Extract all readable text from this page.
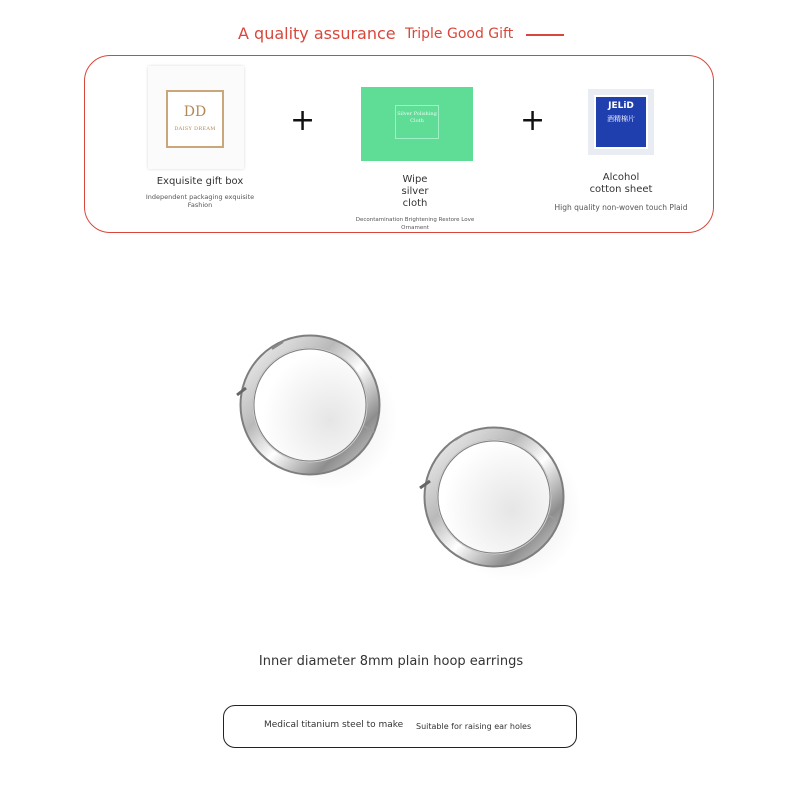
A quality assurance Triple Good Gift
DD
DAISY DREAM
Silver Polishing Cloth
JELiD
酒精棉片
+	+
Exquisite gift box
Independent packaging exquisite Fashion
Wipe silver cloth
Decontamination Brightening Restore Love Ornament
Alcohol cotton sheet
High quality non-woven touch Plaid
Inner diameter 8mm plain hoop earrings
Medical titanium steel to make Suitable for raising ear holes
